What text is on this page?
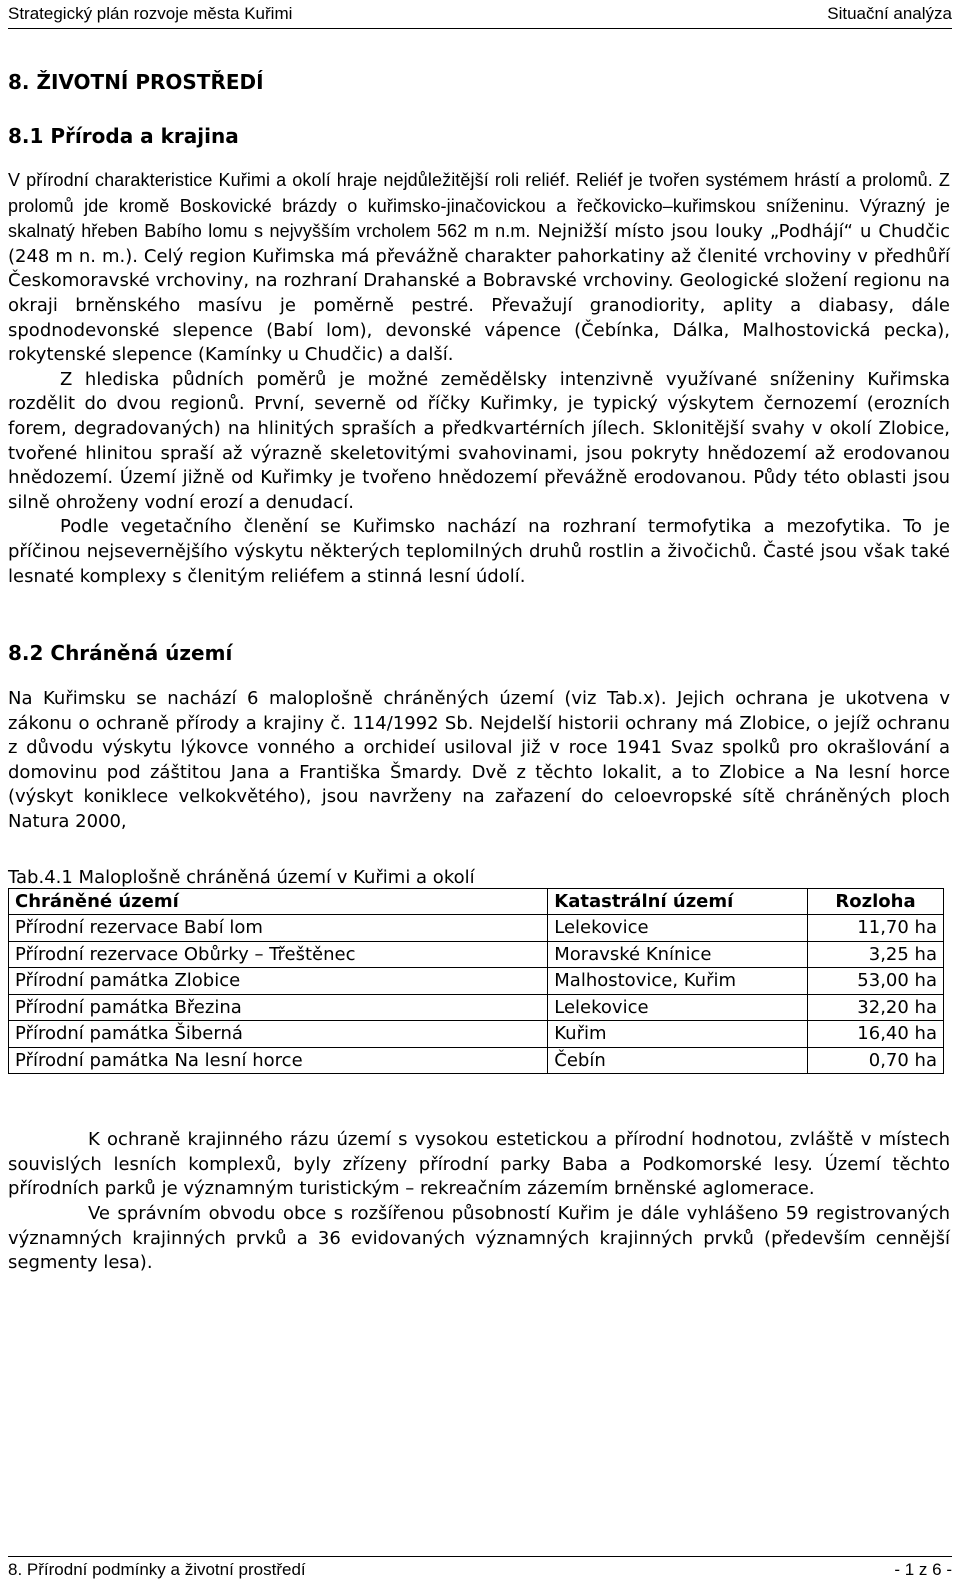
Strategický plán rozvoje města Kuřimi	Situační analýza
8. ŽIVOTNÍ PROSTŘEDÍ
8.1 Příroda a krajina

V přírodní charakteristice Kuřimi a okolí hraje nejdůležitější roli reliéf. Reliéf je tvořen systémem hrástí a prolomů. Z prolomů jde kromě Boskovické brázdy o kuřimsko-jinačovickou a řečkovicko–kuřimskou sníženinu. Výrazný je skalnatý hřeben Babího lomu s nejvyšším vrcholem 562 m n.m. Nejnižší místo jsou louky „Podhájí“ u Chudčic (248 m n. m.). Celý region Kuřimska má převážně charakter pahorkatiny až členité vrchoviny v předhůří Českomoravské vrchoviny, na rozhraní Drahanské a Bobravské vrchoviny. Geologické složení regionu na okraji brněnského masívu je poměrně pestré. Převažují granodiority, aplity a diabasy, dále spodnodevonské slepence (Babí lom), devonské vápence (Čebínka, Dálka, Malhostovická pecka), rokytenské slepence (Kamínky u Chudčic) a další.

Z hlediska půdních poměrů je možné zemědělsky intenzivně využívané sníženiny Kuřimska rozdělit do dvou regionů. První, severně od říčky Kuřimky, je typický výskytem černozemí (erozních forem, degradovaných) na hlinitých spraších a předkvartérních jílech. Sklonitější svahy v okolí Zlobice, tvořené hlinitou spraší až výrazně skeletovitými svahovinami, jsou pokryty hnědozemí až erodovanou hnědozemí. Území jižně od Kuřimky je tvořeno hnědozemí převážně erodovanou. Půdy této oblasti jsou silně ohroženy vodní erozí a denudací.

Podle vegetačního členění se Kuřimsko nachází na rozhraní termofytika a mezofytika. To je příčinou nejsevernějšího výskytu některých teplomilných druhů rostlin a živočichů. Časté jsou však také lesnaté komplexy s členitým reliéfem a stinná lesní údolí.

8.2 Chráněná území

Na Kuřimsku se nachází 6 maloplošně chráněných území (viz Tab.x). Jejich ochrana je ukotvena v zákonu o ochraně přírody a krajiny č. 114/1992 Sb. Nejdelší historii ochrany má Zlobice, o jejíž ochranu z důvodu výskytu lýkovce vonného a orchideí usiloval již v roce 1941 Svaz spolků pro okrašlování a domovinu pod záštitou Jana a Františka Šmardy. Dvě z těchto lokalit, a to Zlobice a Na lesní horce (výskyt koniklece velkokvětého), jsou navrženy na zařazení do celoevropské sítě chráněných ploch Natura 2000,

Tab.4.1 Maloplošně chráněná území v Kuřimi a okolí

Chráněné území	Katastrální území	Rozloha
Přírodní rezervace Babí lom	Lelekovice	11,70 ha
Přírodní rezervace Obůrky – Třeštěnec	Moravské Knínice	3,25 ha
Přírodní památka Zlobice	Malhostovice, Kuřim	53,00 ha
Přírodní památka Březina	Lelekovice	32,20 ha
Přírodní památka Šiberná	Kuřim	16,40 ha
Přírodní památka Na lesní horce	Čebín	0,70 ha

K ochraně krajinného rázu území s vysokou estetickou a přírodní hodnotou, zvláště v místech souvislých lesních komplexů, byly zřízeny přírodní parky Baba a Podkomorské lesy. Území těchto přírodních parků je významným turistickým – rekreačním zázemím brněnské aglomerace.

Ve správním obvodu obce s rozšířenou působností Kuřim je dále vyhlášeno 59 registrovaných významných krajinných prvků a 36 evidovaných významných krajinných prvků (především cennější segmenty lesa).

8. Přírodní podmínky a životní prostředí	- 1 z 6 -
